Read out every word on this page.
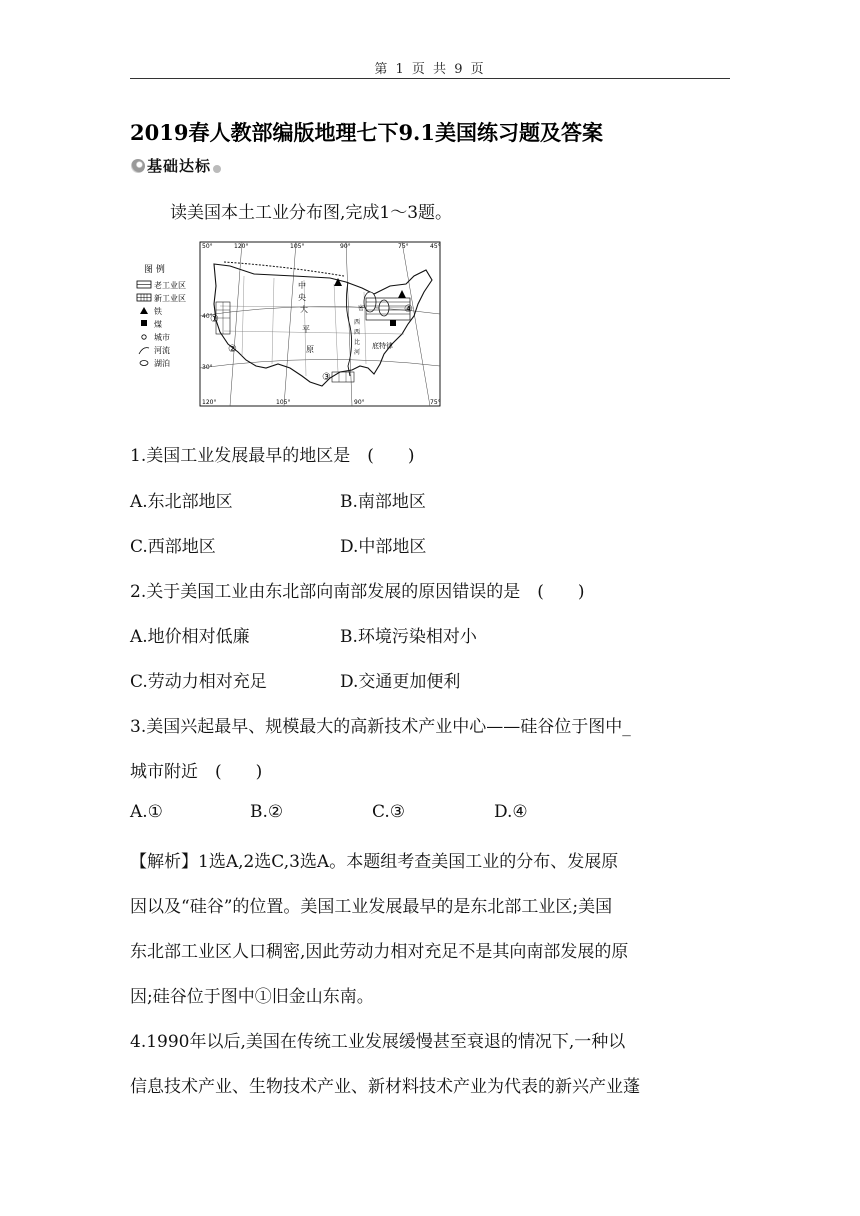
第 1 页 共 9 页
2019春人教部编版地理七下9.1美国练习题及答案
基础达标
读美国本土工业分布图,完成1～3题。
图 例
老工业区
新工业区
铁
煤
城市
河流
湖泊
50°	120°	105°	90°	75°	45°
120°	105°	90°	75°
40°
30°
中
央
大
平
原
密
西
西
比
河
底特律
①
②
③
④
1.美国工业发展最早的地区是　(　　)
A.东北部地区	B.南部地区
C.西部地区	D.中部地区
2.关于美国工业由东北部向南部发展的原因错误的是　(　　)
A.地价相对低廉	B.环境污染相对小
C.劳动力相对充足	D.交通更加便利
3.美国兴起最早、规模最大的高新技术产业中心——硅谷位于图中_
城市附近　(　　)
A.①	B.②	C.③	D.④
【解析】1选A,2选C,3选A。本题组考查美国工业的分布、发展原
因以及“硅谷”的位置。美国工业发展最早的是东北部工业区;美国
东北部工业区人口稠密,因此劳动力相对充足不是其向南部发展的原
因;硅谷位于图中①旧金山东南。
4.1990年以后,美国在传统工业发展缓慢甚至衰退的情况下,一种以
信息技术产业、生物技术产业、新材料技术产业为代表的新兴产业蓬
